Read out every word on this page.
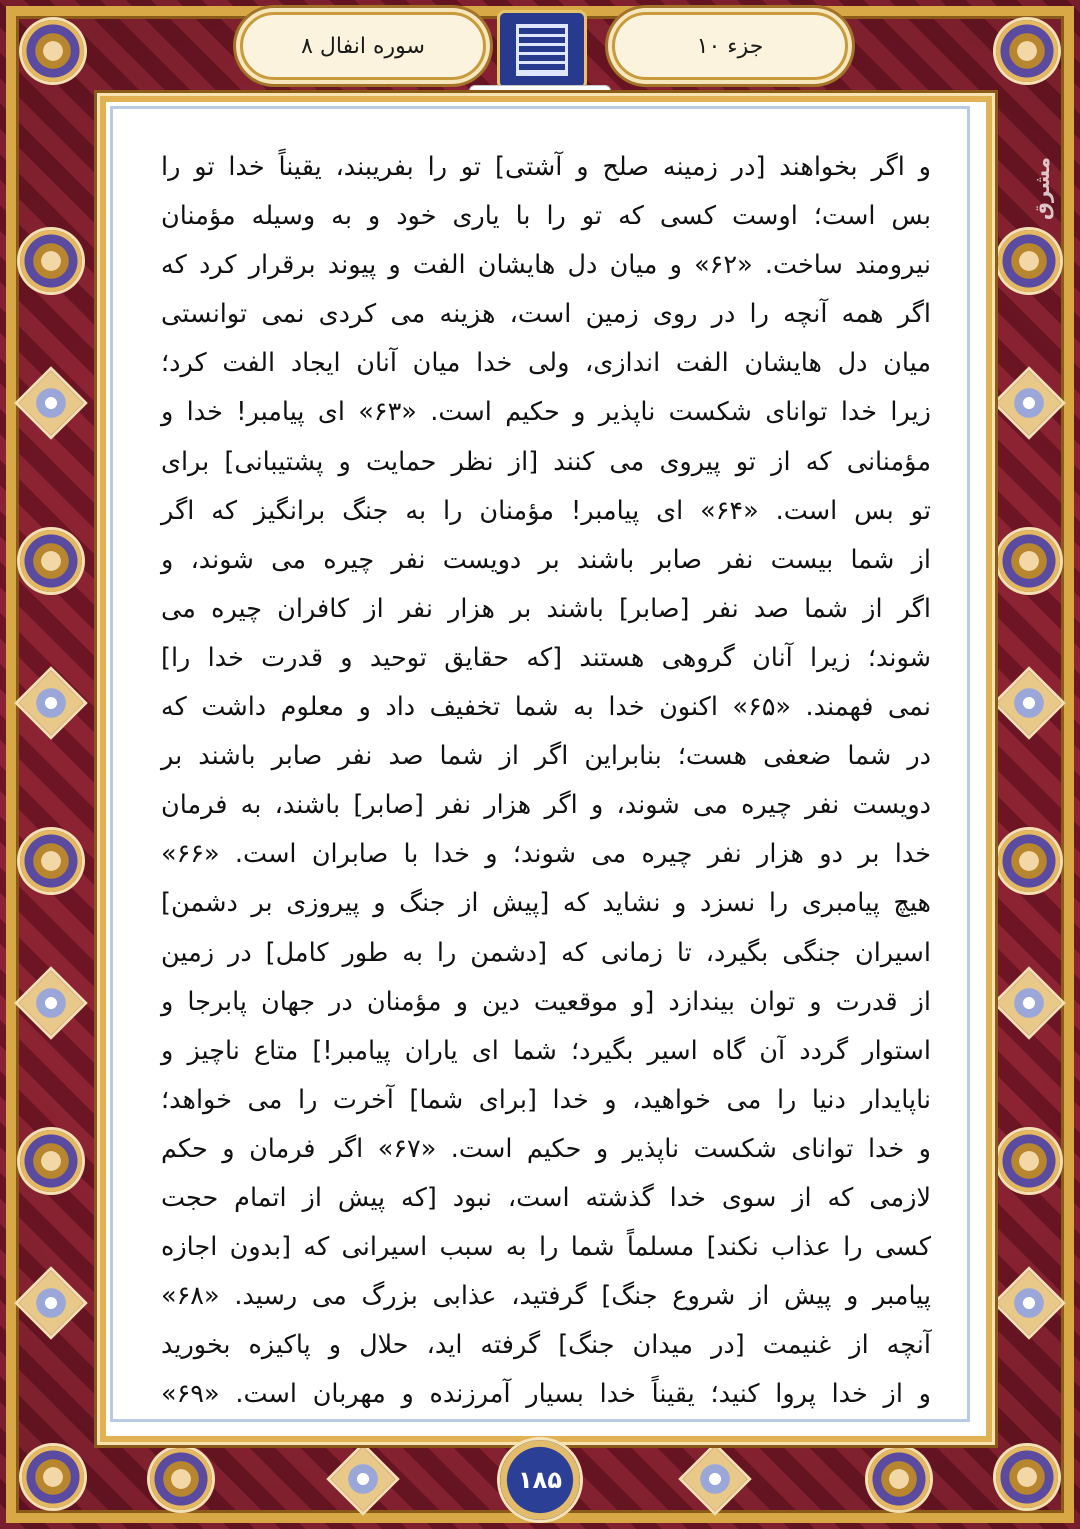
جزء ۱۰
سوره انفال ۸
مشرق
و اگر بخواهند [در زمینه صلح و آشتی] تو را بفریبند، یقیناً خدا تو را
بس است؛ اوست کسی که تو را با یاری خود و به وسیله مؤمنان
نیرومند ساخت. «۶۲» و میان دل هایشان الفت و پیوند برقرار کرد که
اگر همه آنچه را در روی زمین است، هزینه می کردی نمی توانستی
میان دل هایشان الفت اندازی، ولی خدا میان آنان ایجاد الفت کرد؛
زیرا خدا توانای شکست ناپذیر و حکیم است. «۶۳» ای پیامبر! خدا و
مؤمنانی که از تو پیروی می کنند [از نظر حمایت و پشتیبانی] برای
تو بس است. «۶۴» ای پیامبر! مؤمنان را به جنگ برانگیز که اگر
از شما بیست نفر صابر باشند بر دویست نفر چیره می شوند، و
اگر از شما صد نفر [صابر] باشند بر هزار نفر از کافران چیره می
شوند؛ زیرا آنان گروهی هستند [که حقایق توحید و قدرت خدا را]
نمی فهمند. «۶۵» اکنون خدا به شما تخفیف داد و معلوم داشت که
در شما ضعفی هست؛ بنابراین اگر از شما صد نفر صابر باشند بر
دویست نفر چیره می شوند، و اگر هزار نفر [صابر] باشند، به فرمان
خدا بر دو هزار نفر چیره می شوند؛ و خدا با صابران است. «۶۶»
هیچ پیامبری را نسزد و نشاید که [پیش از جنگ و پیروزی بر دشمن]
اسیران جنگی بگیرد، تا زمانی که [دشمن را به طور کامل] در زمین
از قدرت و توان بیندازد [و موقعیت دین و مؤمنان در جهان پابرجا و
استوار گردد آن گاه اسیر بگیرد؛ شما ای یاران پیامبر!] متاع ناچیز و
ناپایدار دنیا را می خواهید، و خدا [برای شما] آخرت را می خواهد؛
و خدا توانای شکست ناپذیر و حکیم است. «۶۷» اگر فرمان و حکم
لازمی که از سوی خدا گذشته است، نبود [که پیش از اتمام حجت
کسی را عذاب نکند] مسلماً شما را به سبب اسیرانی که [بدون اجازه
پیامبر و پیش از شروع جنگ] گرفتید، عذابی بزرگ می رسید. «۶۸»
آنچه از غنیمت [در میدان جنگ] گرفته اید، حلال و پاکیزه بخورید
و از خدا پروا کنید؛ یقیناً خدا بسیار آمرزنده و مهربان است. «۶۹»
۱۸۵
